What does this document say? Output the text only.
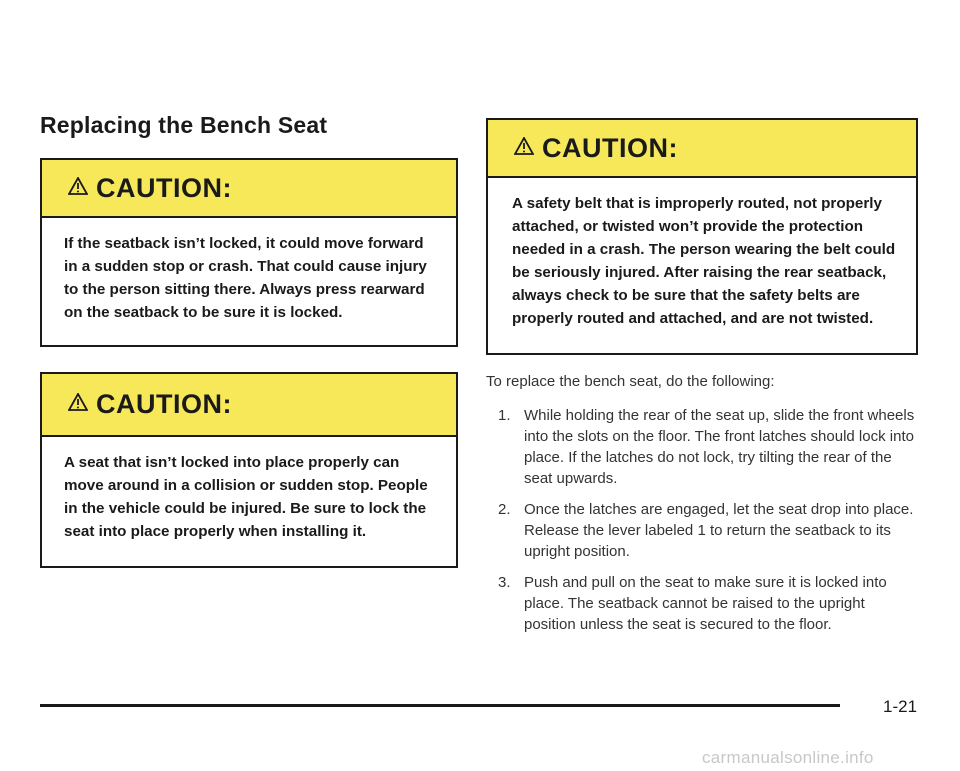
Replacing the Bench Seat
CAUTION:
If the seatback isn’t locked, it could move forward in a sudden stop or crash. That could cause injury to the person sitting there. Always press rearward on the seatback to be sure it is locked.
CAUTION:
A seat that isn’t locked into place properly can move around in a collision or sudden stop. People in the vehicle could be injured. Be sure to lock the seat into place properly when installing it.
CAUTION:
A safety belt that is improperly routed, not properly attached, or twisted won’t provide the protection needed in a crash. The person wearing the belt could be seriously injured. After raising the rear seatback, always check to be sure that the safety belts are properly routed and attached, and are not twisted.
To replace the bench seat, do the following:
1. While holding the rear of the seat up, slide the front wheels into the slots on the floor. The front latches should lock into place. If the latches do not lock, try tilting the rear of the seat upwards.
2. Once the latches are engaged, let the seat drop into place. Release the lever labeled 1 to return the seatback to its upright position.
3. Push and pull on the seat to make sure it is locked into place. The seatback cannot be raised to the upright position unless the seat is secured to the floor.
1-21
carmanualsonline.info
